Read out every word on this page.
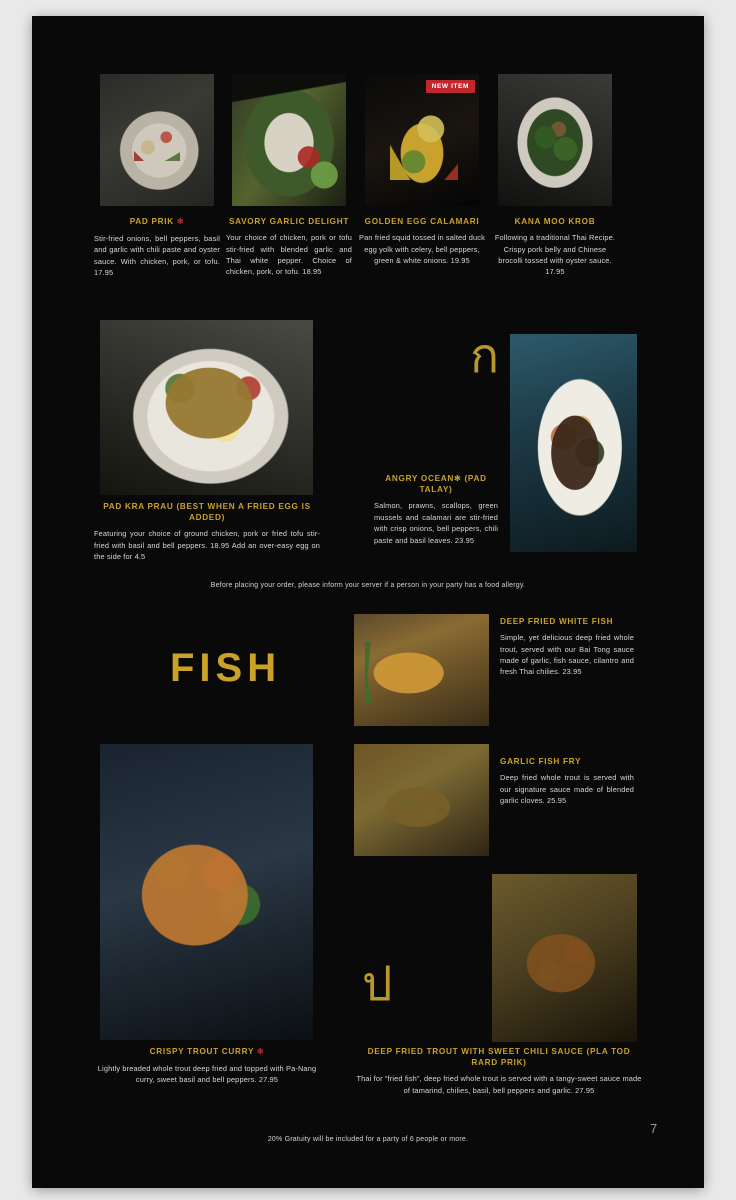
PAD PRIK ✻
Stir-fried onions, bell peppers, basil and garlic with chili paste and oyster sauce. With chicken, pork, or tofu. 17.95
SAVORY GARLIC DELIGHT
Your choice of chicken, pork or tofu stir-fried with blended garlic and Thai white pepper. Choice of chicken, pork, or tofu. 18.95
NEW ITEM
GOLDEN EGG CALAMARI
Pan fried squid tossed in salted duck egg yolk with celery, bell peppers, green & white onions. 19.95
KANA MOO KROB
Following a traditional Thai Recipe. Crispy pork belly and Chinese brocolli tossed with oyster sauce. 17.95
PAD KRA PRAU (BEST WHEN A FRIED EGG IS ADDED)
Featuring your choice of ground chicken, pork or fried tofu stir-fried with basil and bell peppers. 18.95 Add an over-easy egg on the side for 4.5
ก
ANGRY OCEAN✻ (PAD TALAY)
Salmon, prawns, scallops, green mussels and calamari are stir-fried with crisp onions, bell peppers, chili paste and basil leaves. 23.95
Before placing your order, please inform your server if a person in your party has a food allergy.
FISH
DEEP FRIED WHITE FISH
Simple, yet delicious deep fried whole trout, served with our Bai Tong sauce made of garlic, fish sauce, cilantro and fresh Thai chilies. 23.95
GARLIC FISH FRY
Deep fried whole trout is served with our signature sauce made of blended garlic cloves. 25.95
CRISPY TROUT CURRY ✻
Lightly breaded whole trout deep fried and topped with Pa-Nang curry, sweet basil and bell peppers. 27.95
ป
DEEP FRIED TROUT WITH SWEET CHILI SAUCE (PLA TOD RARD PRIK)
Thai for “fried fish”, deep fried whole trout is served with a tangy-sweet sauce made of tamarind, chilies, basil, bell peppers and garlic. 27.95
20% Gratuity will be included for a party of 6 people or more.
7
